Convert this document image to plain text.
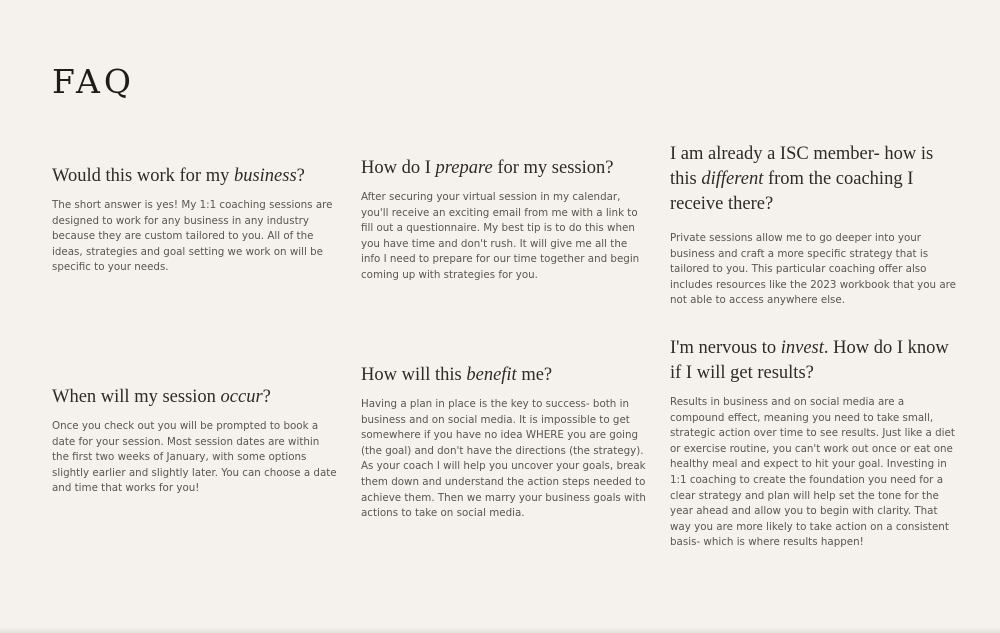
FAQ
Would this work for my business?

The short answer is yes! My 1:1 coaching sessions are designed to work for any business in any industry because they are custom tailored to you. All of the ideas, strategies and goal setting we work on will be specific to your needs.

How do I prepare for my session?

After securing your virtual session in my calendar, you'll receive an exciting email from me with a link to fill out a questionnaire. My best tip is to do this when you have time and don't rush. It will give me all the info I need to prepare for our time together and begin coming up with strategies for you.

I am already a ISC member- how is this different from the coaching I receive there?

Private sessions allow me to go deeper into your business and craft a more specific strategy that is tailored to you. This particular coaching offer also includes resources like the 2023 workbook that you are not able to access anywhere else.

When will my session occur?

Once you check out you will be prompted to book a date for your session. Most session dates are within the first two weeks of January, with some options slightly earlier and slightly later. You can choose a date and time that works for you!

How will this benefit me?

Having a plan in place is the key to success- both in business and on social media. It is impossible to get somewhere if you have no idea WHERE you are going (the goal) and don't have the directions (the strategy). As your coach I will help you uncover your goals, break them down and understand the action steps needed to achieve them. Then we marry your business goals with actions to take on social media.

I'm nervous to invest. How do I know if I will get results?

Results in business and on social media are a compound effect, meaning you need to take small, strategic action over time to see results. Just like a diet or exercise routine, you can't work out once or eat one healthy meal and expect to hit your goal. Investing in 1:1 coaching to create the foundation you need for a clear strategy and plan will help set the tone for the year ahead and allow you to begin with clarity. That way you are more likely to take action on a consistent basis- which is where results happen!
